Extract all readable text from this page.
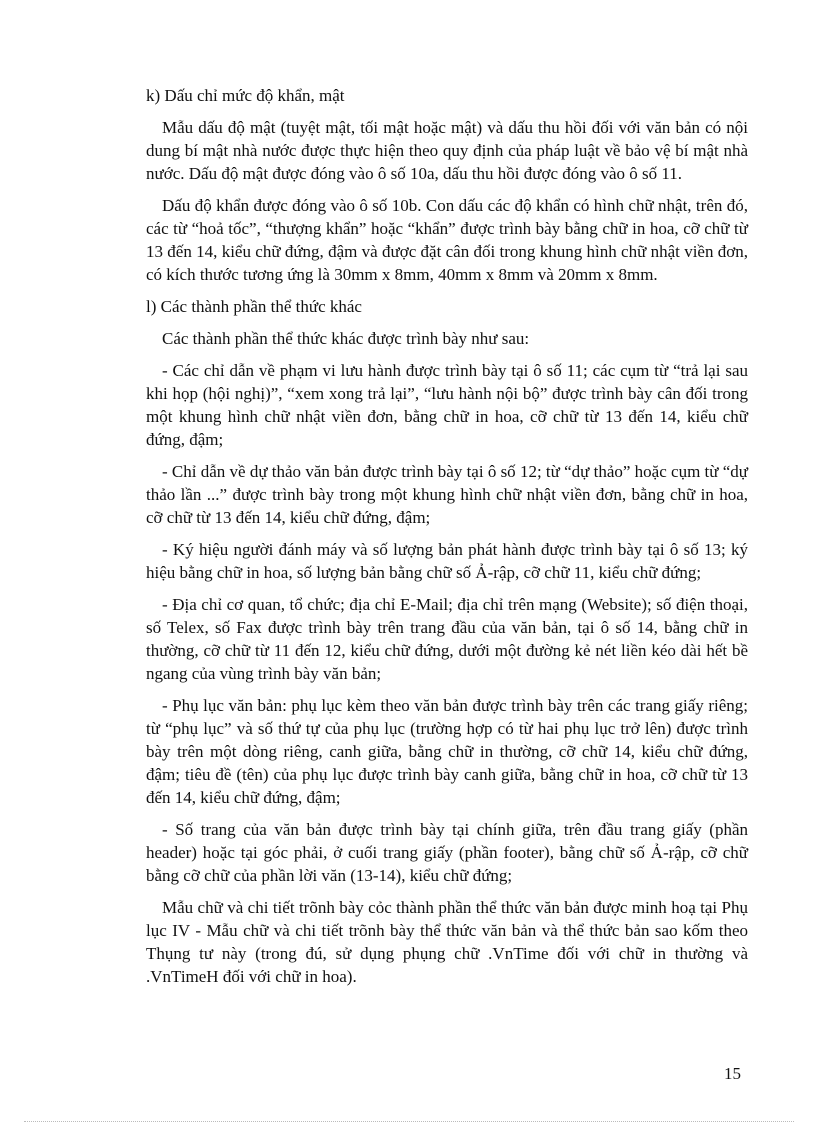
k) Dấu chỉ mức độ khẩn, mật

Mẫu dấu độ mật (tuyệt mật, tối mật hoặc mật) và dấu thu hồi đối với văn bản có nội dung bí mật nhà nước được thực hiện theo quy định của pháp luật về bảo vệ bí mật nhà nước. Dấu độ mật được đóng vào ô số 10a, dấu thu hồi được đóng vào ô số 11.

Dấu độ khẩn được đóng vào ô số 10b. Con dấu các độ khẩn có hình chữ nhật, trên đó, các từ “hoả tốc”, “thượng khẩn” hoặc “khẩn” được trình bày bằng chữ in hoa, cỡ chữ từ 13 đến 14, kiểu chữ đứng, đậm và được đặt cân đối trong khung hình chữ nhật viền đơn, có kích thước tương ứng là 30mm x 8mm, 40mm x 8mm và 20mm x 8mm.

l) Các thành phần thể thức khác

Các thành phần thể thức khác được trình bày như sau:

- Các chỉ dẫn về phạm vi lưu hành được trình bày tại ô số 11; các cụm từ “trả lại sau khi họp (hội nghị)”, “xem xong trả lại”, “lưu hành nội bộ” được trình bày cân đối trong một khung hình chữ nhật viền đơn, bằng chữ in hoa, cỡ chữ từ 13 đến 14, kiểu chữ đứng, đậm;

- Chỉ dẫn về dự thảo văn bản được trình bày tại ô số 12; từ “dự thảo” hoặc cụm từ “dự thảo lần ...” được trình bày trong một khung hình chữ nhật viền đơn, bằng chữ in hoa, cỡ chữ từ 13 đến 14, kiểu chữ đứng, đậm;

- Ký hiệu người đánh máy và số lượng bản phát hành được trình bày tại ô số 13; ký hiệu bằng chữ in hoa, số lượng bản bằng chữ số Ả-rập, cỡ chữ 11, kiểu chữ đứng;

- Địa chỉ cơ quan, tổ chức; địa chỉ E-Mail; địa chỉ trên mạng (Website); số điện thoại, số Telex, số Fax được trình bày trên trang đầu của văn bản, tại ô số 14, bằng chữ in thường, cỡ chữ từ 11 đến 12, kiểu chữ đứng, dưới một đường kẻ nét liền kéo dài hết bề ngang của vùng trình bày văn bản;

- Phụ lục văn bản: phụ lục kèm theo văn bản được trình bày trên các trang giấy riêng; từ “phụ lục” và số thứ tự của phụ lục (trường hợp có từ hai phụ lục trở lên) được trình bày trên một dòng riêng, canh giữa, bằng chữ in thường, cỡ chữ 14, kiểu chữ đứng, đậm; tiêu đề (tên) của phụ lục được trình bày canh giữa, bằng chữ in hoa, cỡ chữ từ 13 đến 14, kiểu chữ đứng, đậm;

- Số trang của văn bản được trình bày tại chính giữa, trên đầu trang giấy (phần header) hoặc tại góc phải, ở cuối trang giấy (phần footer), bằng chữ số Ả-rập, cỡ chữ bằng cỡ chữ của phần lời văn (13-14), kiểu chữ đứng;

Mẫu chữ và chi tiết trõnh bày cỏc thành phần thể thức văn bản được minh hoạ tại Phụ lục IV - Mẫu chữ và chi tiết trõnh bày thể thức văn bản và thể thức bản sao kốm theo Thụng tư này (trong đú, sử dụng phụng chữ .VnTime đối với chữ in thường và .VnTimeH đối với chữ in hoa).

15
